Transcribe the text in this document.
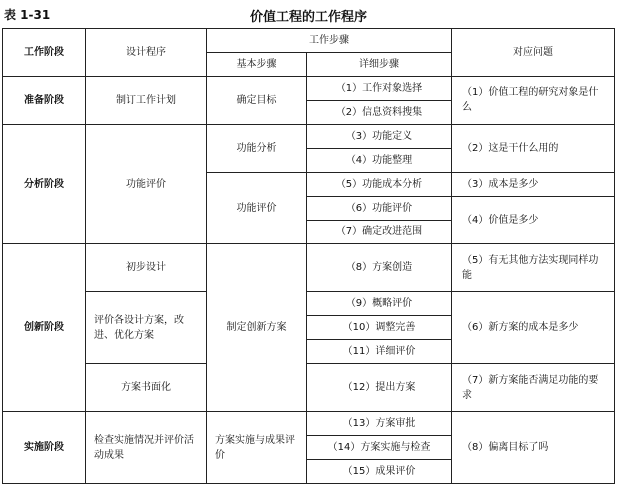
表 1-31	价值工程的工作程序
工作阶段	设计程序	工作步骤		对应问题
		基本步骤	详细步骤	
准备阶段	制订工作计划	确定目标	（1）工作对象选择	（1）价值工程的研究对象是什么
			（2）信息资料搜集	
分析阶段	功能评价	功能分析	（3）功能定义	（2）这是干什么用的
			（4）功能整理	
		功能评价	（5）功能成本分析	（3）成本是多少
			（6）功能评价	（4）价值是多少
			（7）确定改进范围	
创新阶段	初步设计	制定创新方案	（8）方案创造	（5）有无其他方法实现同样功能
	评价各设计方案，改进、优化方案		（9）概略评价	（6）新方案的成本是多少
			（10）调整完善	
			（11）详细评价	
	方案书面化		（12）提出方案	（7）新方案能否满足功能的要求
实施阶段	检查实施情况并评价活动成果	方案实施与成果评价	（13）方案审批	（8）偏离目标了吗
			（14）方案实施与检查	
			（15）成果评价	
